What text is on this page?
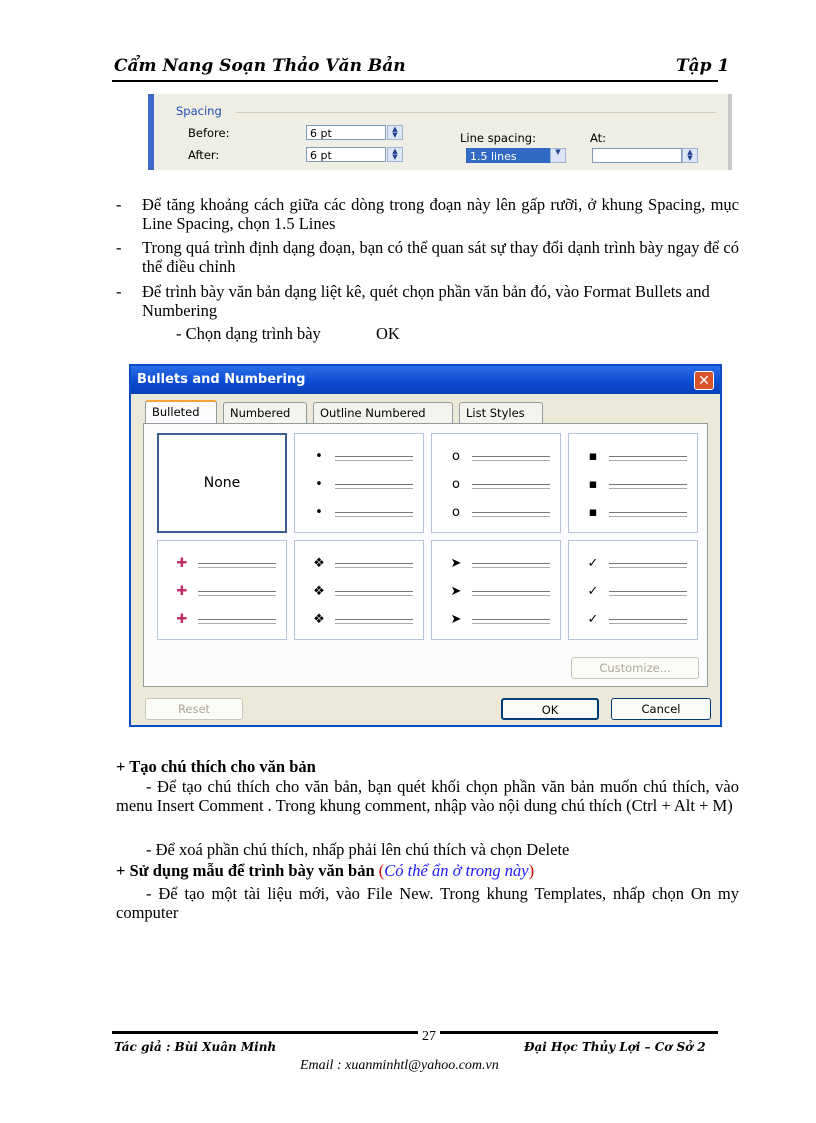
Cẩm Nang Soạn Thảo Văn Bản	Tập 1
Spacing
Before:	6 pt	▲
▼
After:	6 pt	▲
▼
Line spacing:
1.5 lines	▼
At:
▲
▼
- Để tăng khoảng cách giữa các dòng trong đoạn này lên gấp rưỡi, ở khung Spacing, mục Line Spacing, chọn 1.5 Lines
- Trong quá trình định dạng đoạn, bạn có thể quan sát sự thay đổi dạnh trình bày ngay để có thể điều chỉnh
- Để trình bày văn bản dạng liệt kê, quét chọn phần văn bản đó, vào Format Bullets and Numbering
- Chọn dạng trình bày	OK
Bullets and Numbering	✕
Bulleted	Numbered	Outline Numbered	List Styles
None
•
•
•
o
o
o
▪
▪
▪
✚
✚
✚
❖
❖
❖
➤
➤
➤
✓
✓
✓
Customize...
Reset	OK	Cancel
+ Tạo chú thích cho văn bản
- Để tạo chú thích cho văn bản, bạn quét khối chọn phần văn bản muốn chú thích, vào menu Insert Comment . Trong khung comment, nhập vào nội dung chú thích (Ctrl + Alt + M)
- Để xoá phần chú thích, nhấp phải lên chú thích và chọn Delete
+ Sử dụng mẫu để trình bày văn bản (Có thể ẩn ở trong này)
- Để tạo một tài liệu mới, vào File New. Trong khung Templates, nhấp chọn On my computer
Tác giả : Bùi Xuân Minh
27
Đại Học Thủy Lợi – Cơ Sở 2
Email : xuanminhtl@yahoo.com.vn
